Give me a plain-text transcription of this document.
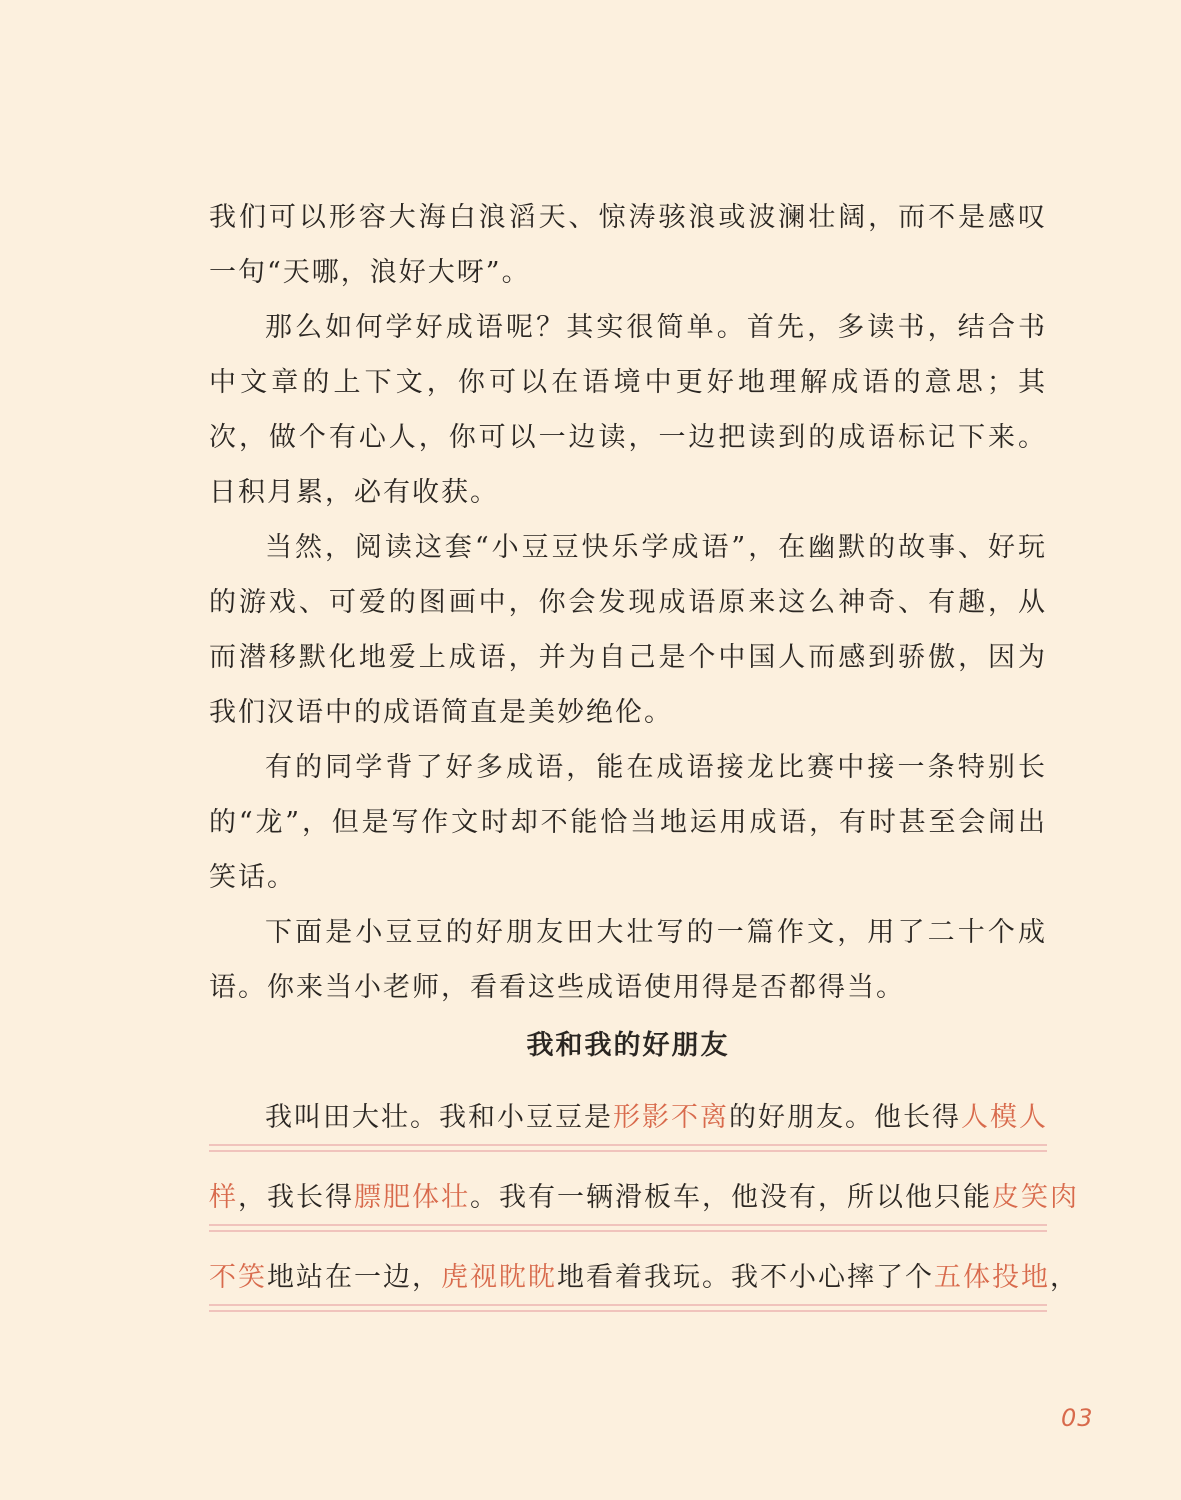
我们可以形容大海白浪滔天、惊涛骇浪或波澜壮阔，而不是感叹一句“天哪，浪好大呀”。

那么如何学好成语呢？其实很简单。首先，多读书，结合书中文章的上下文，你可以在语境中更好地理解成语的意思；其次，做个有心人，你可以一边读，一边把读到的成语标记下来。日积月累，必有收获。

当然，阅读这套“小豆豆快乐学成语”，在幽默的故事、好玩的游戏、可爱的图画中，你会发现成语原来这么神奇、有趣，从而潜移默化地爱上成语，并为自己是个中国人而感到骄傲，因为我们汉语中的成语简直是美妙绝伦。

有的同学背了好多成语，能在成语接龙比赛中接一条特别长的“龙”，但是写作文时却不能恰当地运用成语，有时甚至会闹出笑话。

下面是小豆豆的好朋友田大壮写的一篇作文，用了二十个成语。你来当小老师，看看这些成语使用得是否都得当。

我和我的好朋友
我 叫 田 大 壮 。 我 和 小 豆 豆 是 形 影 不 离 的 好 朋 友 。 他 长 得 人 模 人
样 ， 我 长 得 膘 肥 体 壮 。 我 有 一 辆 滑 板 车 ， 他 没 有 ， 所 以 他 只 能 皮 笑 肉
不 笑 地 站 在 一 边 ， 虎 视 眈 眈 地 看 着 我 玩 。 我 不 小 心 摔 了 个 五 体 投 地 ，
03
